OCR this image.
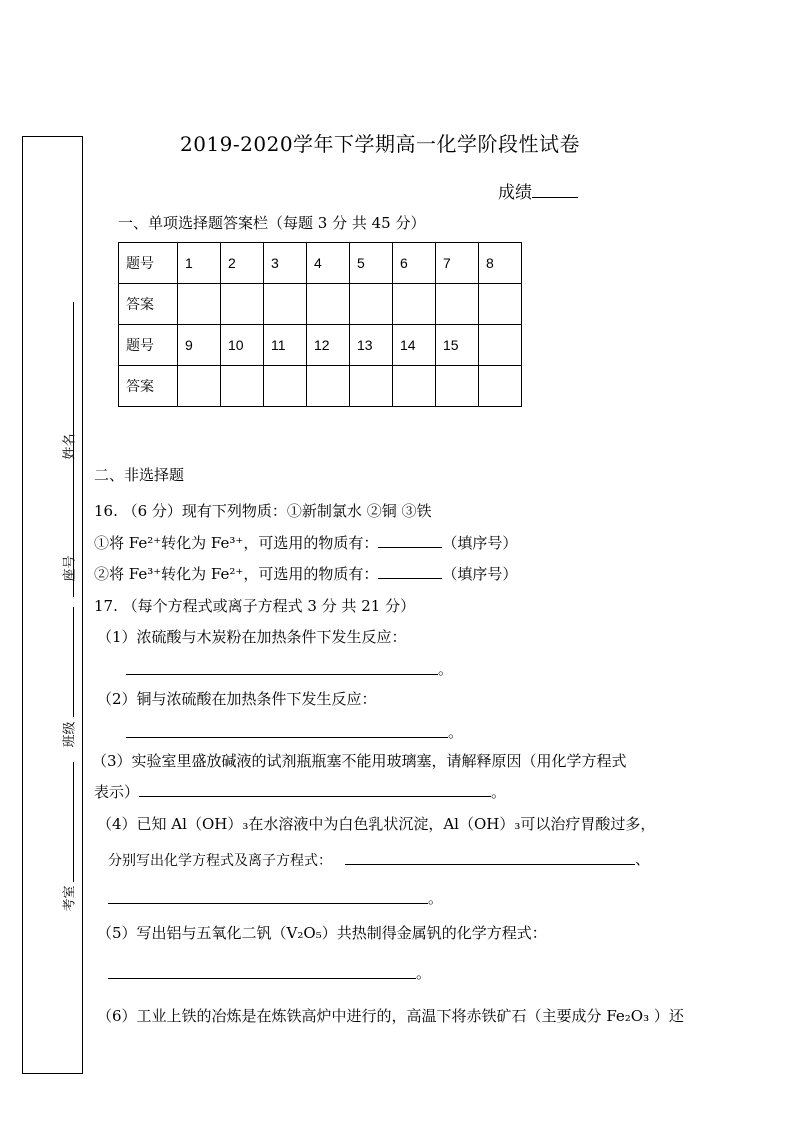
姓名
座号
班级
考室
2019-2020学年下学期高一化学阶段性试卷
成绩
一、单项选择题答案栏（每题 3 分 共 45 分）
题号	1	2	3	4	5	6	7	8
答案								
题号	9	10	11	12	13	14	15	
答案								
二、非选择题
16. （6 分）现有下列物质：①新制氯水 ②铜 ③铁
①将 Fe²⁺转化为 Fe³⁺，可选用的物质有：	（填序号）
②将 Fe³⁺转化为 Fe²⁺，可选用的物质有：	（填序号）
17. （每个方程式或离子方程式 3 分 共 21 分）
（1）浓硫酸与木炭粉在加热条件下发生反应：
。
（2）铜与浓硫酸在加热条件下发生反应：
。
（3）实验室里盛放碱液的试剂瓶瓶塞不能用玻璃塞，请解释原因（用化学方程式
表示）	。
（4）已知 Al（OH）₃在水溶液中为白色乳状沉淀，Al（OH）₃可以治疗胃酸过多，
分别写出化学方程式及离子方程式：	、
。
（5）写出铝与五氧化二钒（V₂O₅）共热制得金属钒的化学方程式：
。
（6）工业上铁的冶炼是在炼铁高炉中进行的，高温下将赤铁矿石（主要成分 Fe₂O₃ ）还
